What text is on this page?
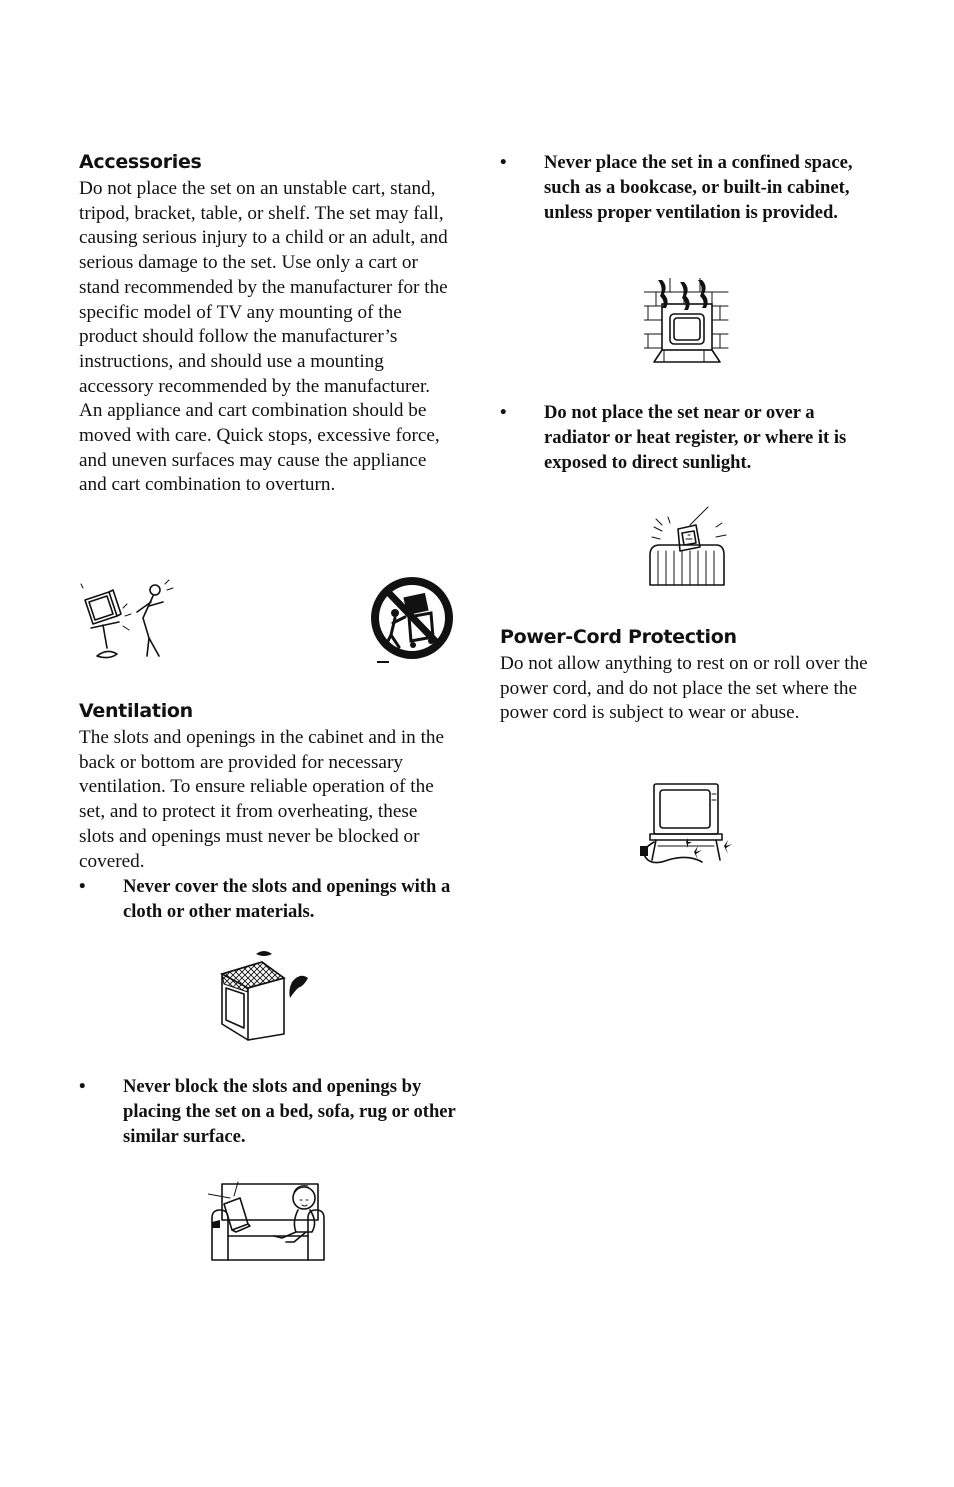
Accessories

Do not place the set on an unstable cart, stand, tripod, bracket, table, or shelf. The set may fall, causing serious injury to a child or an adult, and serious damage to the set. Use only a cart or stand recommended by the manufacturer for the specific model of TV any mounting of the product should follow the manufacturer’s instructions, and should use a mounting accessory recommended by the manufacturer. An appliance and cart combination should be moved with care. Quick stops, excessive force, and uneven surfaces may cause the appliance and cart combination to overturn.

Ventilation

The slots and openings in the cabinet and in the back or bottom are provided for necessary ventilation. To ensure reliable operation of the set, and to protect it from overheating, these slots and openings must never be blocked or covered.

• Never cover the slots and openings with a cloth or other materials.
• Never block the slots and openings by placing the set on a bed, sofa, rug or other similar surface.
• Never place the set in a confined space, such as a bookcase, or built-in cabinet, unless proper ventilation is provided.
• Do not place the set near or over a radiator or heat register, or where it is exposed to direct sunlight.
Power-Cord Protection

Do not allow anything to rest on or roll over the power cord, and do not place the set where the power cord is subject to wear or abuse.
